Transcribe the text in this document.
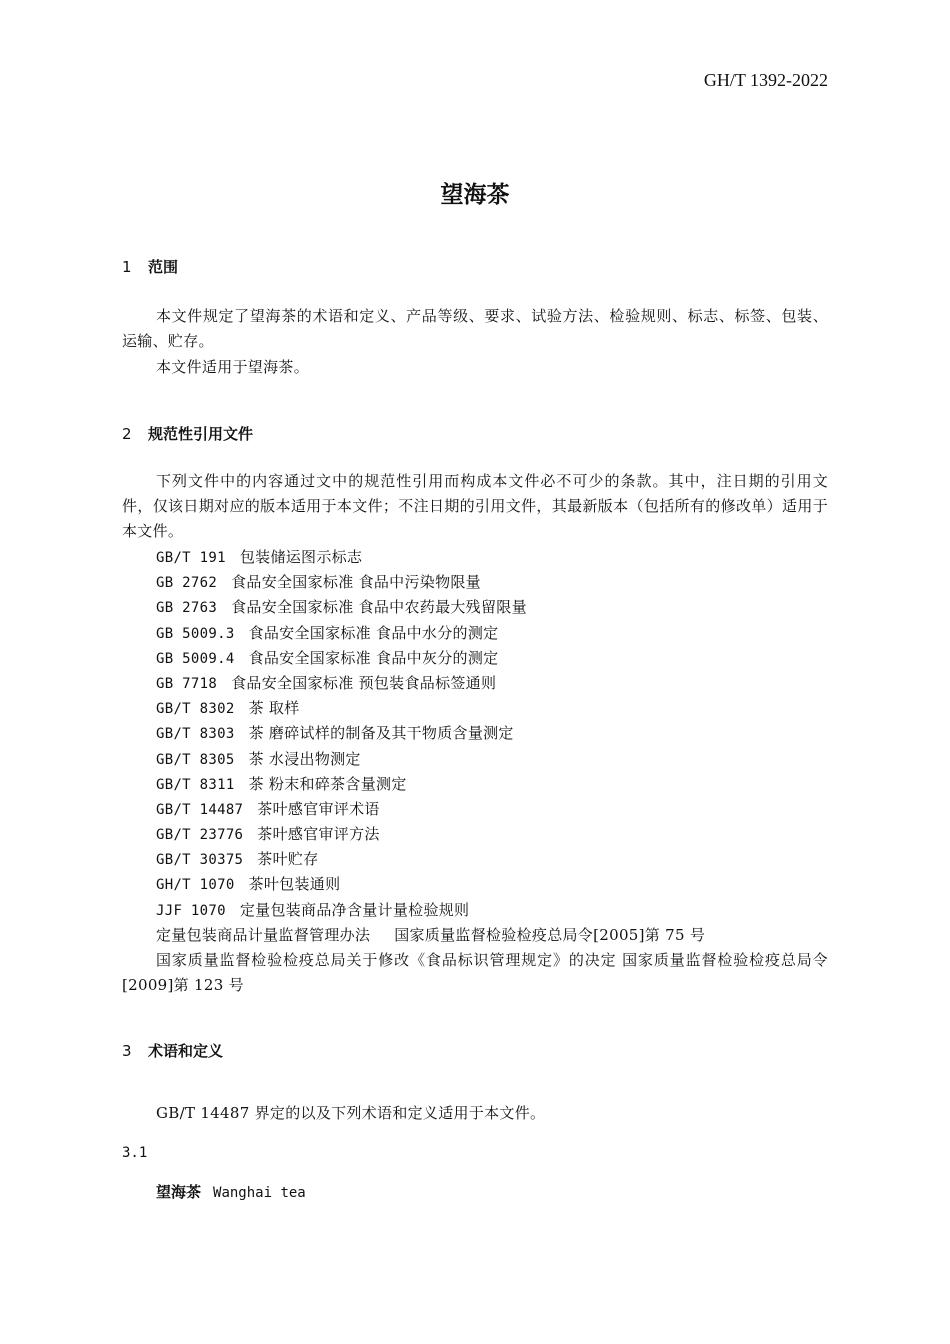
GH/T 1392-2022
望海茶
1 范围
本文件规定了望海茶的术语和定义、产品等级、要求、试验方法、检验规则、标志、标签、包装、运输、贮存。
本文件适用于望海茶。
2 规范性引用文件
下列文件中的内容通过文中的规范性引用而构成本文件必不可少的条款。其中，注日期的引用文件，仅该日期对应的版本适用于本文件；不注日期的引用文件，其最新版本（包括所有的修改单）适用于本文件。
GB/T 191 包装储运图示标志
GB 2762 食品安全国家标准 食品中污染物限量
GB 2763 食品安全国家标准 食品中农药最大残留限量
GB 5009.3 食品安全国家标准 食品中水分的测定
GB 5009.4 食品安全国家标准 食品中灰分的测定
GB 7718 食品安全国家标准 预包装食品标签通则
GB/T 8302 茶 取样
GB/T 8303 茶 磨碎试样的制备及其干物质含量测定
GB/T 8305 茶 水浸出物测定
GB/T 8311 茶 粉末和碎茶含量测定
GB/T 14487 茶叶感官审评术语
GB/T 23776 茶叶感官审评方法
GB/T 30375 茶叶贮存
GH/T 1070 茶叶包装通则
JJF 1070 定量包装商品净含量计量检验规则
定量包装商品计量监督管理办法 国家质量监督检验检疫总局令[2005]第 75 号
国家质量监督检验检疫总局关于修改《食品标识管理规定》的决定 国家质量监督检验检疫总局令[2009]第 123 号
3 术语和定义
GB/T 14487 界定的以及下列术语和定义适用于本文件。
3.1
望海茶 Wanghai tea
